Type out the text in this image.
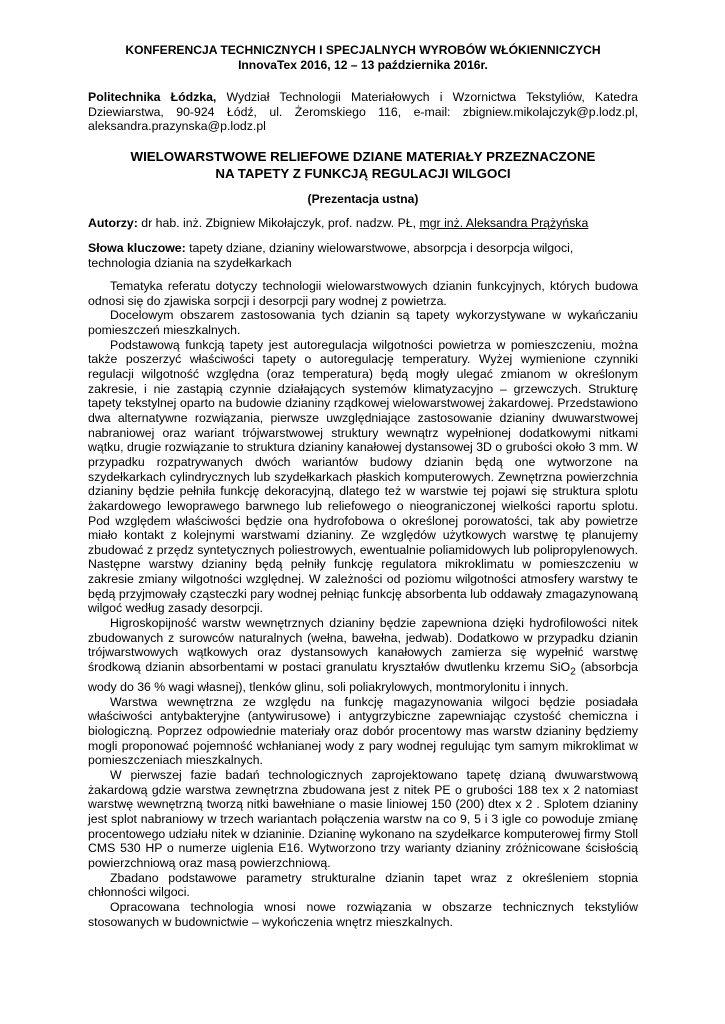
KONFERENCJA TECHNICZNYCH I SPECJALNYCH WYROBÓW WŁÓKIENNICZYCH
InnovaTex 2016, 12 – 13 października 2016r.
Politechnika Łódzka, Wydział Technologii Materiałowych i Wzornictwa Tekstyliów, Katedra Dziewiarstwa, 90-924 Łódź, ul. Żeromskiego 116, e-mail: zbigniew.mikolajczyk@p.lodz.pl, aleksandra.prazynska@p.lodz.pl
WIELOWARSTWOWE RELIEFOWE DZIANE MATERIAŁY PRZEZNACZONE
NA TAPETY Z FUNKCJĄ REGULACJI WILGOCI
(Prezentacja ustna)
Autorzy: dr hab. inż. Zbigniew Mikołajczyk, prof. nadzw. PŁ, mgr inż. Aleksandra Prążyńska
Słowa kluczowe: tapety dziane, dzianiny wielowarstwowe, absorpcja i desorpcja wilgoci, technologia dziania na szydełkarkach

Tematyka referatu dotyczy technologii wielowarstwowych dzianin funkcyjnych, których budowa odnosi się do zjawiska sorpcji i desorpcji pary wodnej z powietrza.

Docelowym obszarem zastosowania tych dzianin są tapety wykorzystywane w wykańczaniu pomieszczeń mieszkalnych.

Podstawową funkcją tapety jest autoregulacja wilgotności powietrza w pomieszczeniu, można także poszerzyć właściwości tapety o autoregulację temperatury. Wyżej wymienione czynniki regulacji wilgotność względna (oraz temperatura) będą mogły ulegać zmianom w określonym zakresie, i nie zastąpią czynnie działających systemów klimatyzacyjno – grzewczych. Strukturę tapety tekstylnej oparto na budowie dzianiny rządkowej wielowarstwowej żakardowej. Przedstawiono dwa alternatywne rozwiązania, pierwsze uwzględniające zastosowanie dzianiny dwuwarstwowej nabraniowej oraz wariant trójwarstwowej struktury wewnątrz wypełnionej dodatkowymi nitkami wątku, drugie rozwiązanie to struktura dzianiny kanałowej dystansowej 3D o grubości około 3 mm. W przypadku rozpatrywanych dwóch wariantów budowy dzianin będą one wytworzone na szydełkarkach cylindrycznych lub szydełkarkach płaskich komputerowych. Zewnętrzna powierzchnia dzianiny będzie pełniła funkcję dekoracyjną, dlatego też w warstwie tej pojawi się struktura splotu żakardowego lewoprawego barwnego lub reliefowego o nieograniczonej wielkości raportu splotu. Pod względem właściwości będzie ona hydrofobowa o określonej porowatości, tak aby powietrze miało kontakt z kolejnymi warstwami dzianiny. Ze względów użytkowych warstwę tę planujemy zbudować z przędz syntetycznych poliestrowych, ewentualnie poliamidowych lub polipropylenowych. Następne warstwy dzianiny będą pełniły funkcję regulatora mikroklimatu w pomieszczeniu w zakresie zmiany wilgotności względnej. W zależności od poziomu wilgotności atmosfery warstwy te będą przyjmowały cząsteczki pary wodnej pełniąc funkcję absorbenta lub oddawały zmagazynowaną wilgoć według zasady desorpcji.

Higroskopijność warstw wewnętrznych dzianiny będzie zapewniona dzięki hydrofilowości nitek zbudowanych z surowców naturalnych (wełna, bawełna, jedwab). Dodatkowo w przypadku dzianin trójwarstwowych wątkowych oraz dystansowych kanałowych zamierza się wypełnić warstwę środkową dzianin absorbentami w postaci granulatu kryształów dwutlenku krzemu SiO$_2$ (absorbcja wody do 36 % wagi własnej), tlenków glinu, soli poliakrylowych, montmorylonitu i innych.

Warstwa wewnętrzna ze względu na funkcję magazynowania wilgoci będzie posiadała właściwości antybakteryjne (antywirusowe) i antygrzybiczne zapewniając czystość chemiczna i biologiczną. Poprzez odpowiednie materiały oraz dobór procentowy mas warstw dzianiny będziemy mogli proponować pojemność wchłanianej wody z pary wodnej regulując tym samym mikroklimat w pomieszczeniach mieszkalnych.

W pierwszej fazie badań technologicznych zaprojektowano tapetę dzianą dwuwarstwową żakardową gdzie warstwa zewnętrzna zbudowana jest z nitek PE o grubości 188 tex x 2 natomiast warstwę wewnętrzną tworzą nitki bawełniane o masie liniowej 150 (200) dtex x 2 . Splotem dzianiny jest splot nabraniowy w trzech wariantach połączenia warstw na co 9, 5 i 3 igle co powoduje zmianę procentowego udziału nitek w dzianinie. Dzianinę wykonano na szydełkarce komputerowej firmy Stoll CMS 530 HP o numerze uiglenia E16. Wytworzono trzy warianty dzianiny zróżnicowane ścisłością powierzchniową oraz masą powierzchniową.

Zbadano podstawowe parametry strukturalne dzianin tapet wraz z określeniem stopnia chłonności wilgoci.

Opracowana technologia wnosi nowe rozwiązania w obszarze technicznych tekstyliów stosowanych w budownictwie – wykończenia wnętrz mieszkalnych.
